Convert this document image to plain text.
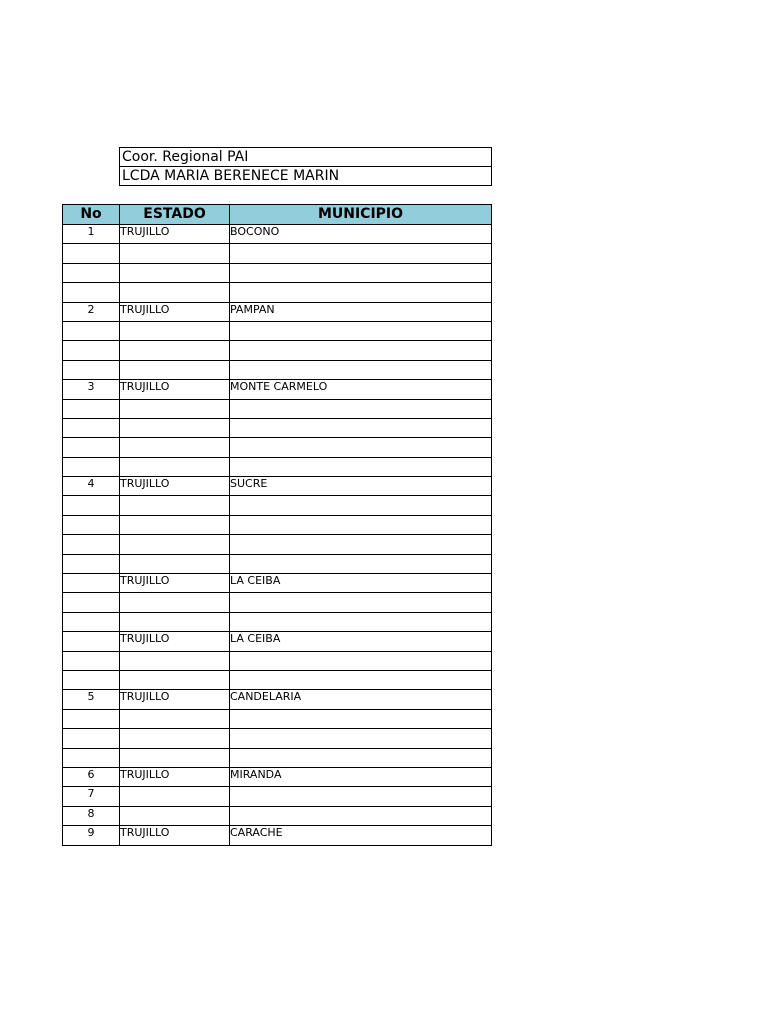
Coor. Regional PAI
LCDA MARIA BERENECE MARIN
No	ESTADO	MUNICIPIO
1	TRUJILLO	BOCONO

2	TRUJILLO	PAMPAN

3	TRUJILLO	MONTE CARMELO

4	TRUJILLO	SUCRE

	TRUJILLO	LA CEIBA

	TRUJILLO	LA CEIBA

5	TRUJILLO	CANDELARIA

6	TRUJILLO	MIRANDA
7		
8		
9	TRUJILLO	CARACHE
